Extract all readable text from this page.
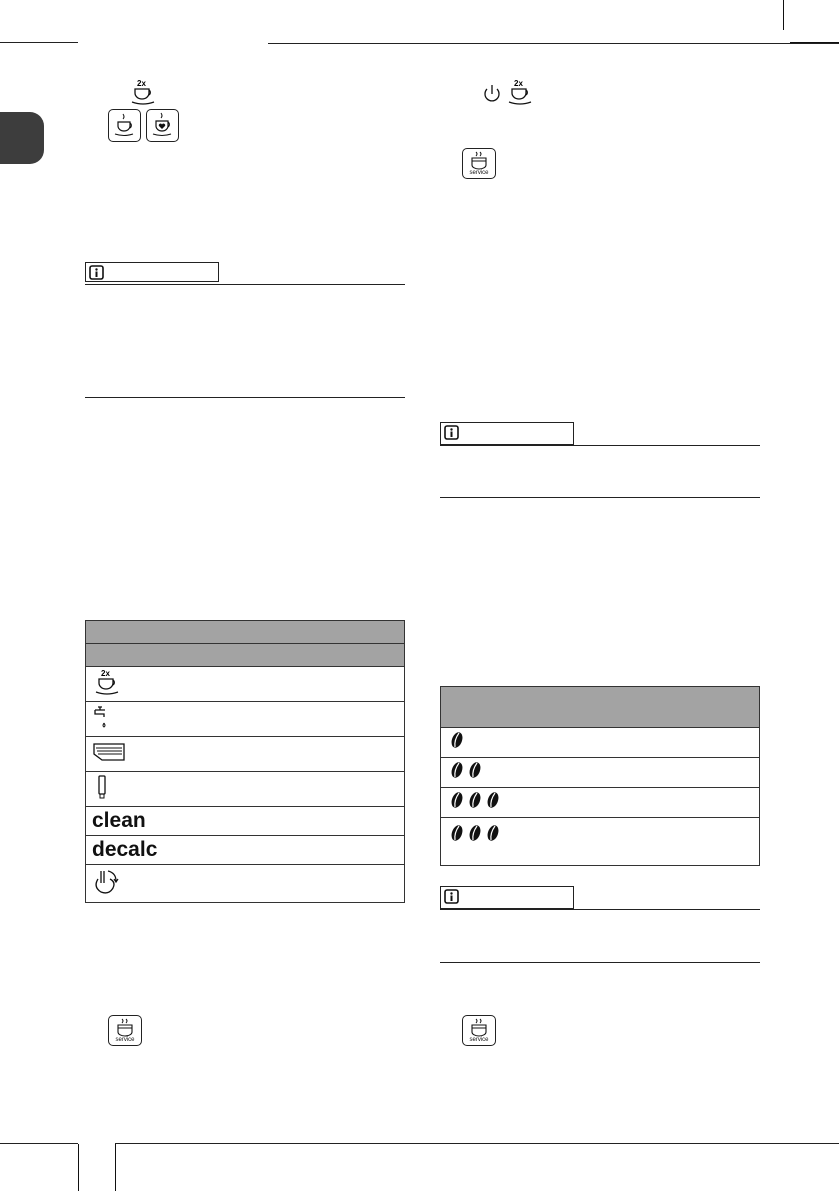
2x

2x

clean
decalc

service
2x
service

service
